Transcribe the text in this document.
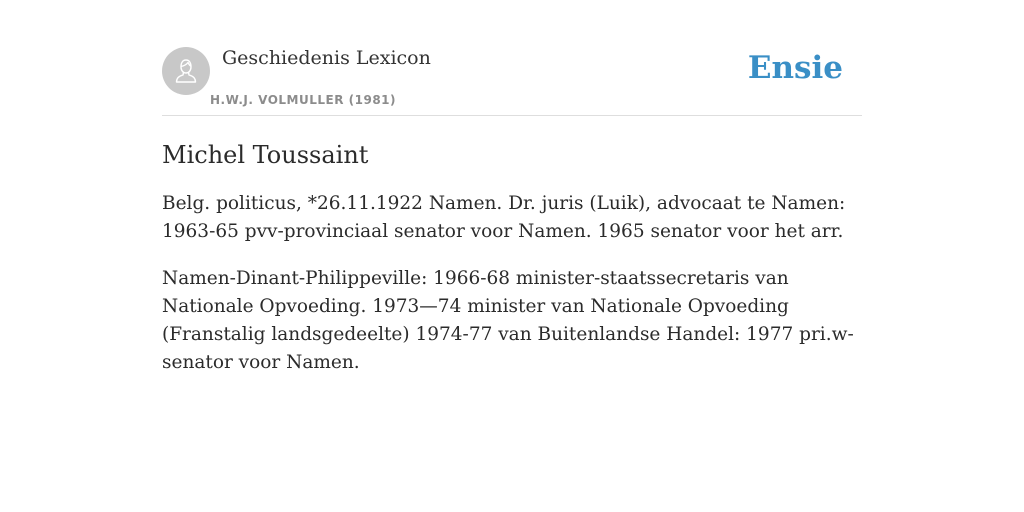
Geschiedenis Lexicon
H.W.J. VOLMULLER (1981)
Ensie
Michel Toussaint

Belg. politicus, *26.11.1922 Namen. Dr. juris (Luik), advocaat te Namen: 1963-65 pvv-provinciaal senator voor Namen. 1965 senator voor het arr.

Namen-Dinant-Philippeville: 1966-68 minister-staatssecretaris van Nationale Opvoeding. 1973—74 minister van Nationale Opvoeding (Franstalig landsgedeelte) 1974-77 van Buitenlandse Handel: 1977 pri.w-senator voor Namen.
